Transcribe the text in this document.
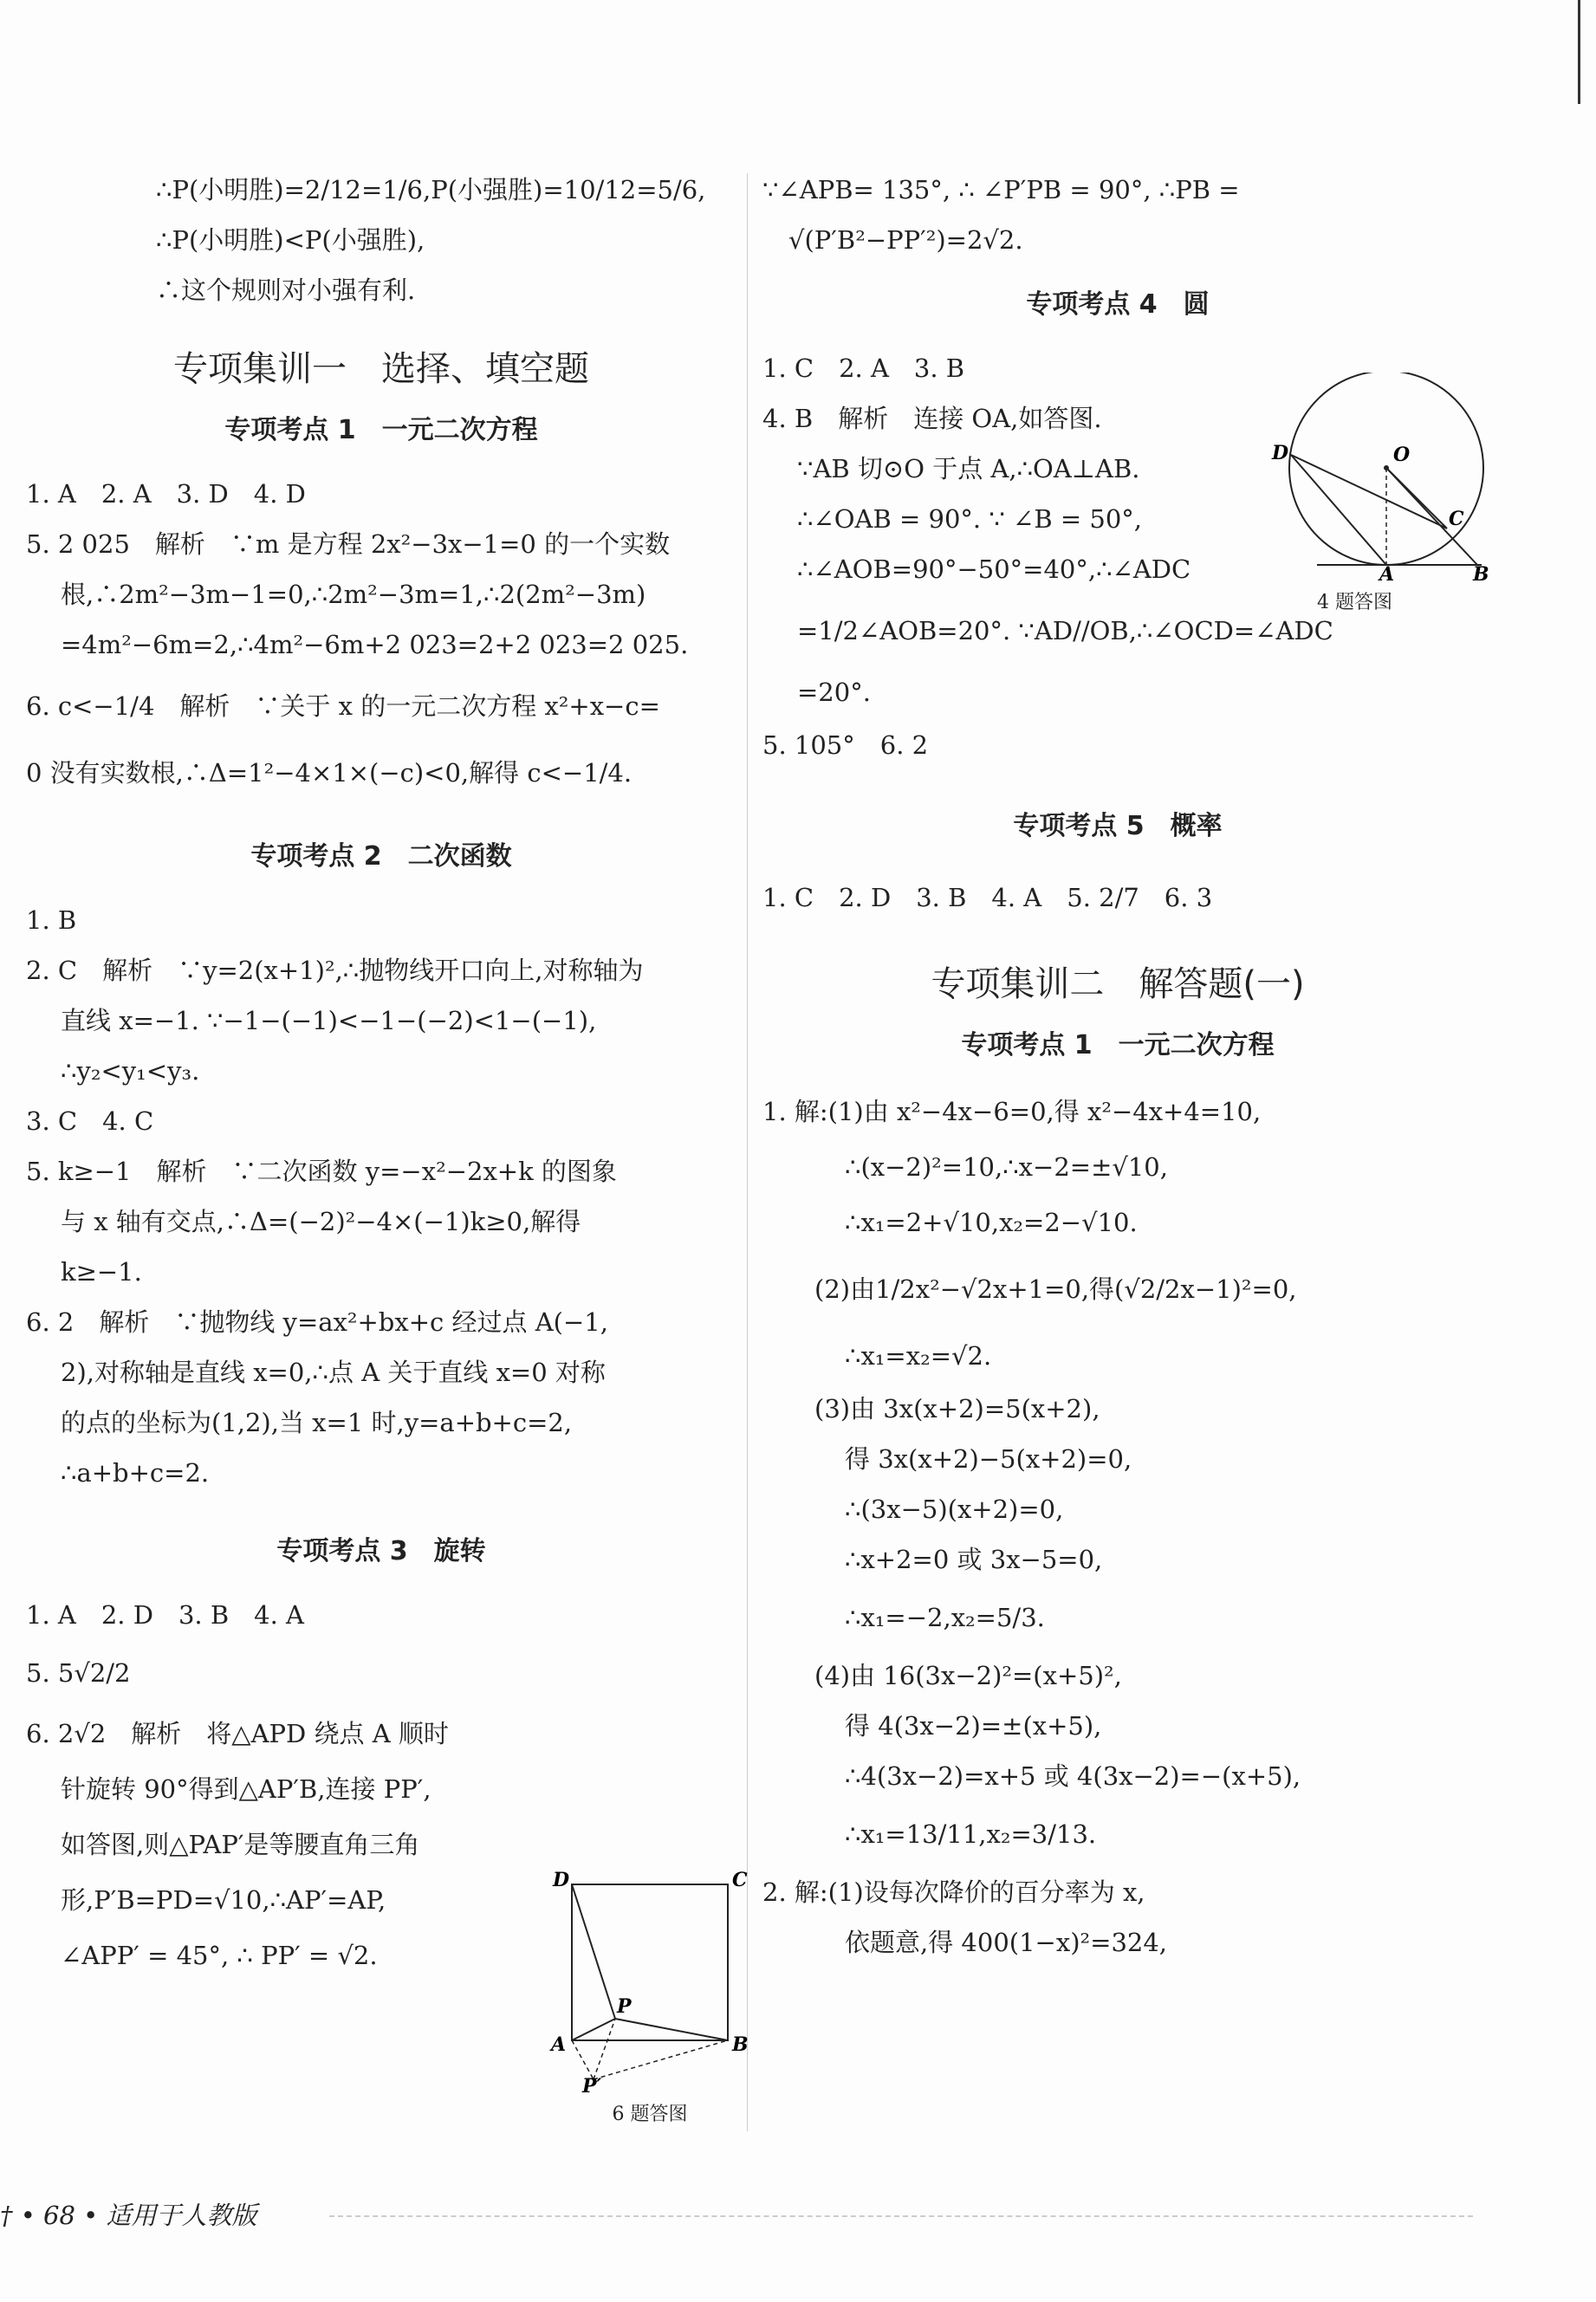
∴P(小明胜)=2/12=1/6,P(小强胜)=10/12=5/6,

∴P(小明胜)<P(小强胜),

∴这个规则对小强有利.

专项集训一　选择、填空题
专项考点 1　一元二次方程

1. A　2. A　3. D　4. D

5. 2 025　解析　∵m 是方程 2x²−3x−1=0 的一个实数

根,∴2m²−3m−1=0,∴2m²−3m=1,∴2(2m²−3m)

=4m²−6m=2,∴4m²−6m+2 023=2+2 023=2 025.

6. c<−1/4　解析　∵关于 x 的一元二次方程 x²+x−c=

0 没有实数根,∴Δ=1²−4×1×(−c)<0,解得 c<−1/4.

专项考点 2　二次函数

1. B

2. C　解析　∵y=2(x+1)²,∴抛物线开口向上,对称轴为

直线 x=−1. ∵−1−(−1)<−1−(−2)<1−(−1),

∴y₂<y₁<y₃.

3. C　4. C

5. k≥−1　解析　∵二次函数 y=−x²−2x+k 的图象

与 x 轴有交点,∴Δ=(−2)²−4×(−1)k≥0,解得

k≥−1.

6. 2　解析　∵抛物线 y=ax²+bx+c 经过点 A(−1,

2),对称轴是直线 x=0,∴点 A 关于直线 x=0 对称

的点的坐标为(1,2),当 x=1 时,y=a+b+c=2,

∴a+b+c=2.

专项考点 3　旋转

1. A　2. D　3. B　4. A

5. 5√2/2

6. 2√2　解析　将△APD 绕点 A 顺时

针旋转 90°得到△AP′B,连接 PP′,

如答图,则△PAP′是等腰直角三角

形,P′B=PD=√10,∴AP′=AP,

∠APP′ = 45°, ∴ PP′ = √2.

D	C
P
A	B
P′
6 题答图

∵∠APB= 135°, ∴ ∠P′PB = 90°, ∴PB =

√(P′B²−PP′²)=2√2.

专项考点 4　圆

1. C　2. A　3. B

4. B　解析　连接 OA,如答图.

∵AB 切⊙O 于点 A,∴OA⊥AB.

∴∠OAB = 90°. ∵ ∠B = 50°,

∴∠AOB=90°−50°=40°,∴∠ADC

=1/2∠AOB=20°. ∵AD//OB,∴∠OCD=∠ADC

=20°.

5. 105°　6. 2

专项考点 5　概率

1. C　2. D　3. B　4. A　5. 2/7　6. 3

专项集训二　解答题(一)
专项考点 1　一元二次方程

1. 解:(1)由 x²−4x−6=0,得 x²−4x+4=10,

∴(x−2)²=10,∴x−2=±√10,

∴x₁=2+√10,x₂=2−√10.

(2)由1/2x²−√2x+1=0,得(√2/2x−1)²=0,

∴x₁=x₂=√2.

(3)由 3x(x+2)=5(x+2),

得 3x(x+2)−5(x+2)=0,

∴(3x−5)(x+2)=0,

∴x+2=0 或 3x−5=0,

∴x₁=−2,x₂=5/3.

(4)由 16(3x−2)²=(x+5)²,

得 4(3x−2)=±(x+5),

∴4(3x−2)=x+5 或 4(3x−2)=−(x+5),

∴x₁=13/11,x₂=3/13.

2. 解:(1)设每次降价的百分率为 x,

依题意,得 400(1−x)²=324,

D	O
C
A	B
4 题答图
† • 68 • 适用于人教版
